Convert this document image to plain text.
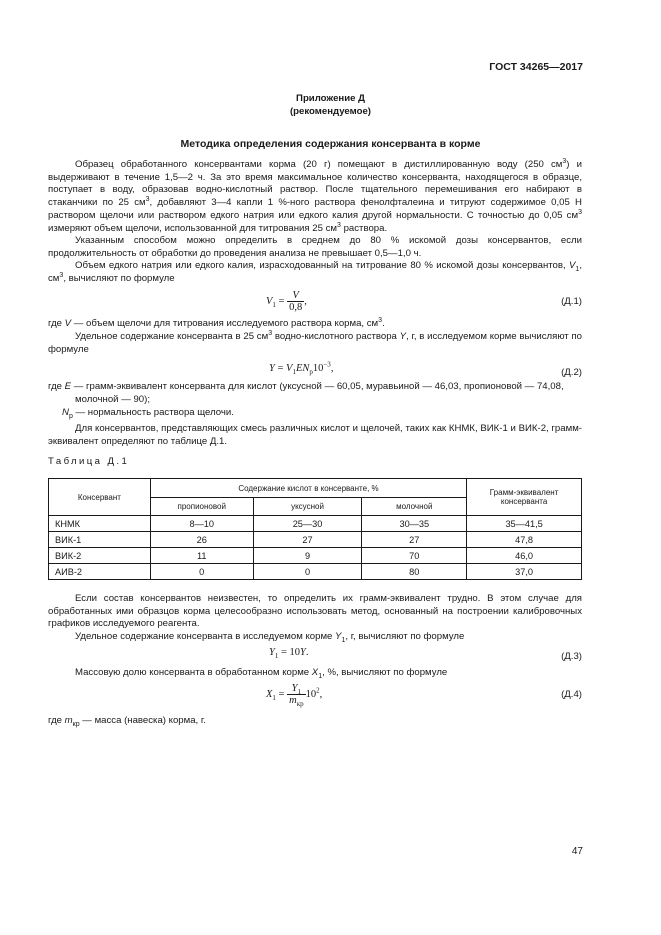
ГОСТ 34265—2017
Приложение Д
(рекомендуемое)
Методика определения содержания консерванта в корме

Образец обработанного консервантами корма (20 г) помещают в дистиллированную воду (250 $см^3$) и выдерживают в течение 1,5—2 ч. За это время максимальное количество консерванта, находящегося в образце, поступает в воду, образовав водно-кислотный раствор. После тщательного перемешивания его набирают в стаканчики по 25 $см^3$, добавляют 3—4 капли 1 %-ного раствора фенолфталеина и титруют содержимое 0,05 Н раствором щелочи или раствором едкого натрия или едкого калия другой нормальности. С точностью до 0,05 $см^3$ измеряют объем щелочи, использованной для титрования 25 $см^3$ раствора.

Указанным способом можно определить в среднем до 80 % искомой дозы консервантов, если продолжительность от обработки до проведения анализа не превышает 0,5—1,0 ч.

Объем едкого натрия или едкого калия, израсходованный на титрование 80 % искомой дозы консервантов, $V_1$, $см^3$, вычисляют по формуле

$V_1 = \frac{V}{0,8}$ ,	(Д.1)

где V — объем щелочи для титрования исследуемого раствора корма, $см^3$.

Удельное содержание консерванта в 25 $см^3$ водно-кислотного раствора Y, г, в исследуемом корме вычисляют по формуле

$Y = V_1EN_p10^{-3}$,	(Д.2)

где E — грамм-эквивалент консерванта для кислот (уксусной — 60,05, муравьиной — 46,03, пропионовой — 74,08,

молочной — 90);

$N_p$ — нормальность раствора щелочи.

Для консервантов, представляющих смесь различных кислот и щелочей, таких как КНМК, ВИК-1 и ВИК-2, грамм-эквивалент определяют по таблице Д.1.

Таблица Д.1
Консервант	Содержание кислот в консерванте, %			Грамм-эквивалент консерванта
	пропионовой	уксусной	молочной	
КНМК	8—10	25—30	30—35	35—41,5
ВИК-1	26	27	27	47,8
ВИК-2	11	9	70	46,0
АИВ-2	0	0	80	37,0

Если состав консервантов неизвестен, то определить их грамм-эквивалент трудно. В этом случае для обработанных ими образцов корма целесообразно использовать метод, основанный на построении калибровочных графиков исследуемого реагента.

Удельное содержание консерванта в исследуемом корме $Y_1$, г, вычисляют по формуле

$Y_1 = 10Y$.	(Д.3)

Массовую долю консерванта в обработанном корме $X_1$, %, вычисляют по формуле

$X_1 = \frac{Y_1}{m_{кр}} 10^2$,	(Д.4)

где $m_{кр}$ — масса (навеска) корма, г.

47
